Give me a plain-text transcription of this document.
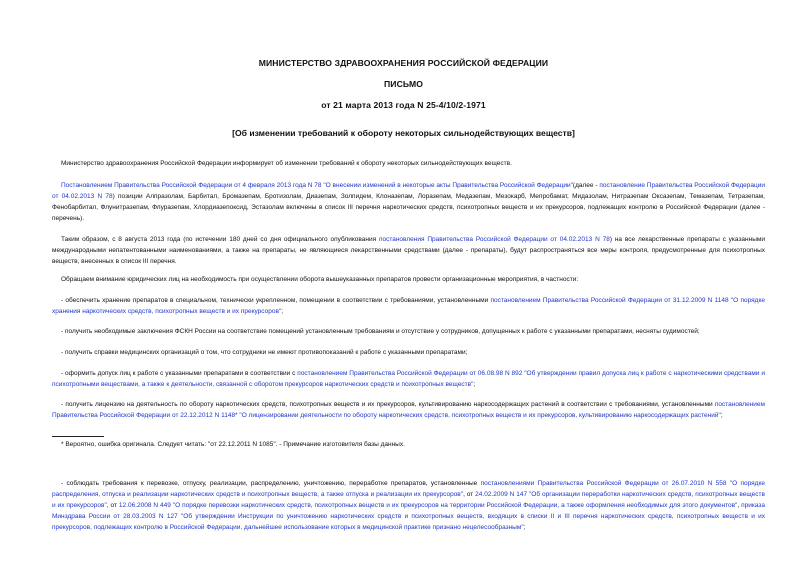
МИНИСТЕРСТВО ЗДРАВООХРАНЕНИЯ РОССИЙСКОЙ ФЕДЕРАЦИИ
ПИСЬМО
от 21 марта 2013 года N 25-4/10/2-1971
[Об изменении требований к обороту некоторых сильнодействующих веществ]
Министерство здравоохранения Российской Федерации информирует об изменении требований к обороту некоторых сильнодействующих веществ.
Постановлением Правительства Российской Федерации от 4 февраля 2013 года N 78 "О внесении изменений в некоторые акты Правительства Российской Федерации"(далее - постановление Правительства Российской Федерации от 04.02.2013 N 78) позиции Алпразолам, Барбитал, Бромазепам, Бротизолам, Диазепам, Золпидем, Клоназепам, Лоразепам, Медазепам, Мезокарб, Мепробамат, Мидазолам, Нитразепам Оксазепам, Темазепам, Тетразепам, Фенобарбитал, Флунитразепам, Флуразепам, Хлордиазепоксид, Эстазолам включены в список III перечня наркотических средств, психотропных веществ и их прекурсоров, подлежащих контролю в Российской Федерации (далее - перечень).
Таким образом, с 8 августа 2013 года (по истечении 180 дней со дня официального опубликования постановления Правительства Российской Федерации от 04.02.2013 N 78) на все лекарственные препараты с указанными международными непатентованными наименованиями, а также на препараты, не являющиеся лекарственными средствами (далее - препараты), будут распространяться все меры контроля, предусмотренные для психотропных веществ, внесенных в список III перечня.
Обращаем внимание юридических лиц на необходимость при осуществлении оборота вышеуказанных препаратов провести организационные мероприятия, в частности:
- обеспечить хранение препаратов в специальном, технически укрепленном, помещении в соответствии с требованиями, установленными постановлением Правительства Российской Федерации от 31.12.2009 N 1148 "О порядке хранения наркотических средств, психотропных веществ и их прекурсоров";
- получить необходимые заключения ФСКН России на соответствие помещений установленным требованиям и отсутствие у сотрудников, допущенных к работе с указанными препаратами, несняты судимостей;
- получить справки медицинских организаций о том, что сотрудники не имеют противопоказаний к работе с указанными препаратами;
- оформить допуск лиц к работе с указанными препаратами в соответствии с постановлением Правительства Российской Федерации от 06.08.98 N 892 "Об утверждении правил допуска лиц к работе с наркотическими средствами и психотропными веществами, а также к деятельности, связанной с оборотом прекурсоров наркотических средств и психотропных веществ";
- получить лицензию на деятельность по обороту наркотических средств, психотропных веществ и их прекурсоров, культивированию наркосодержащих растений в соответствии с требованиями, установленными постановлением Правительства Российской Федерации от 22.12.2012 N 1148* "О лицензировании деятельности по обороту наркотических средств, психотропных веществ и их прекурсоров, культивированию наркосодержащих растений";
* Вероятно, ошибка оригинала. Следует читать: "от 22.12.2011 N 1085". - Примечание изготовителя базы данных.
- соблюдать требования к перевозке, отпуску, реализации, распределению, уничтожению, переработке препаратов, установленные постановлениями Правительства Российской Федерации от 26.07.2010 N 558 "О порядке распределения, отпуска и реализации наркотических средств и психотропных веществ, а также отпуска и реализации их прекурсоров", от 24.02.2009 N 147 "Об организации переработки наркотических средств, психотропных веществ и их прекурсоров", от 12.06.2008 N 449 "О порядке перевозки наркотических средств, психотропных веществ и их прекурсоров на территории Российской Федерации, а также оформления необходимых для этого документов", приказа Минздрава России от 28.03.2003 N 127 "Об утверждении Инструкции по уничтожению наркотических средств и психотропных веществ, входящих в списки II и III перечня наркотических средств, психотропных веществ и их прекурсоров, подлежащих контролю в Российской Федерации, дальнейшее использование которых в медицинской практике признано нецелесообразным";
